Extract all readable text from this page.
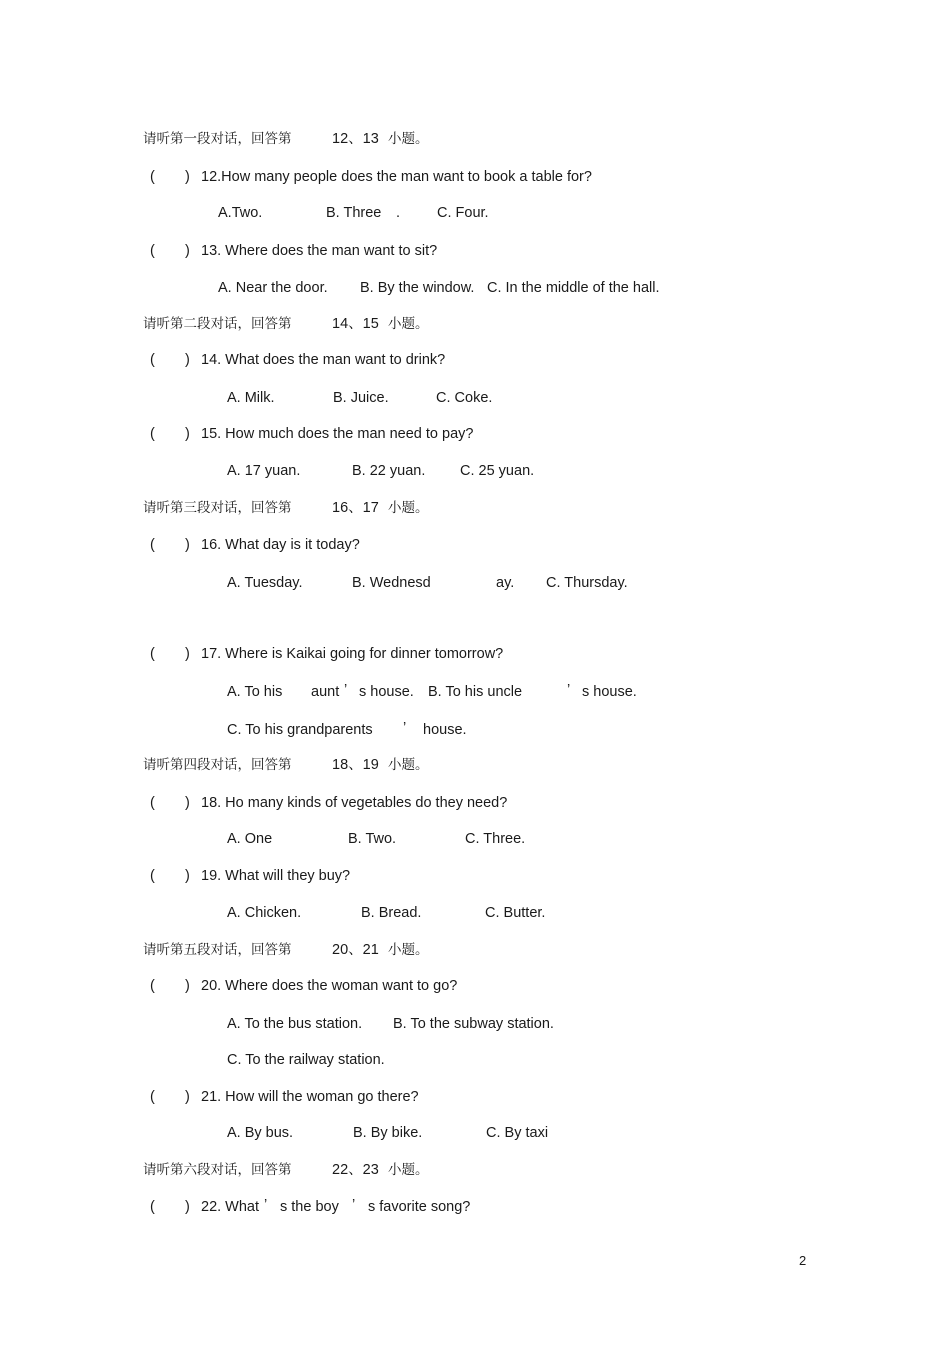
请听第一段对话，回答第	12、13 小题。
( ) 12.How many people does the man want to book a table for?
A.Two.	B. Three .	C. Four.
( ) 13. Where does the man want to sit?
A. Near the door. B. By the window. C. In the middle of the hall.
请听第二段对话，回答第	14、15 小题。
( ) 14. What does the man want to drink?
A. Milk.	B. Juice.	C. Coke.
( ) 15. How much does the man need to pay?
A. 17 yuan.	B. 22 yuan. C. 25 yuan.
请听第三段对话，回答第	16、17 小题。
( ) 16. What day is it today?
A. Tuesday.	B. Wednesd	ay. C. Thursday.
( ) 17. Where is Kaikai going for dinner tomorrow?
A. To his aunt ’ s house. B. To his uncle	’ s house.
C. To his grandparents ’ house.
请听第四段对话，回答第	18、19 小题。
( ) 18. Ho many kinds of vegetables do they need?
A. One	B. Two.	C. Three.
( ) 19. What will they buy?
A. Chicken.	B. Bread.	C. Butter.
请听第五段对话，回答第	20、21 小题。
( ) 20. Where does the woman want to go?
A. To the bus station. B. To the subway station.
C. To the railway station.
( ) 21. How will the woman go there?
A. By bus.	B. By bike.	C. By taxi
请听第六段对话，回答第	22、23 小题。
( ) 22. What ’ s the boy ’ s favorite song?
2
